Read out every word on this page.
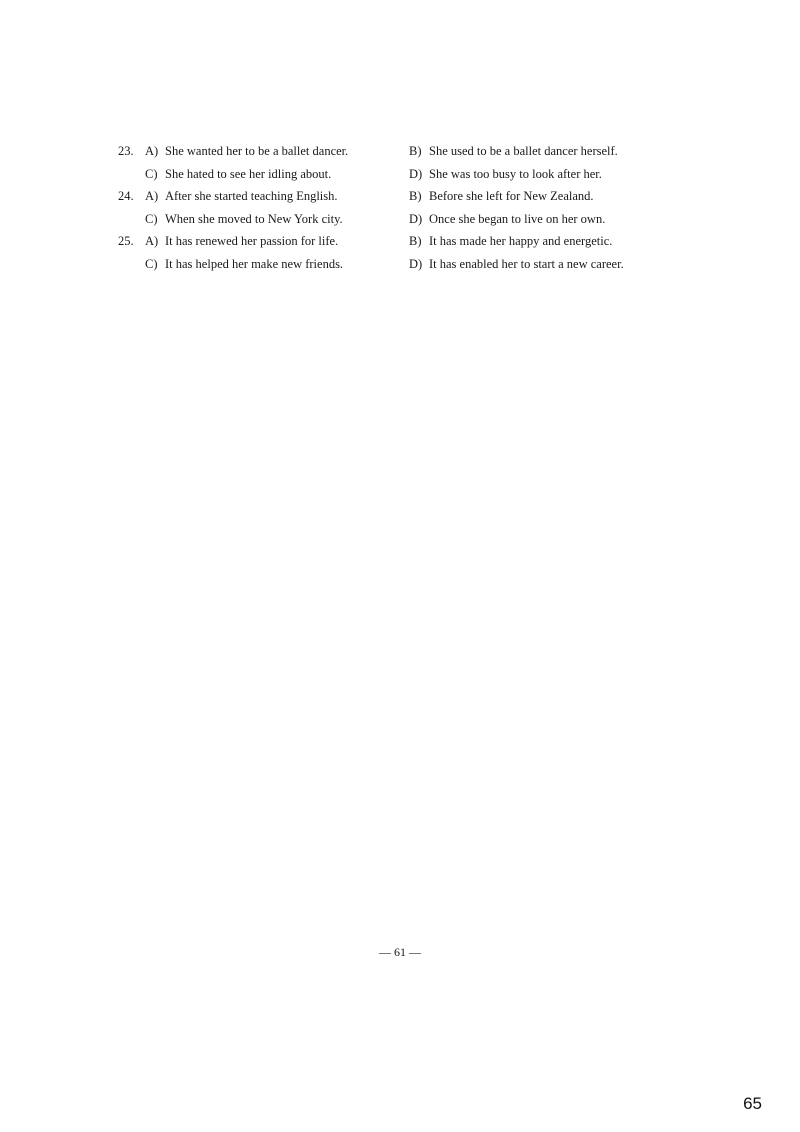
23. A) She wanted her to be a ballet dancer.	B) She used to be a ballet dancer herself.
C) She hated to see her idling about.	D) She was too busy to look after her.
24. A) After she started teaching English.	B) Before she left for New Zealand.
C) When she moved to New York city.	D) Once she began to live on her own.
25. A) It has renewed her passion for life.	B) It has made her happy and energetic.
C) It has helped her make new friends.	D) It has enabled her to start a new career.
— 61 —
65
